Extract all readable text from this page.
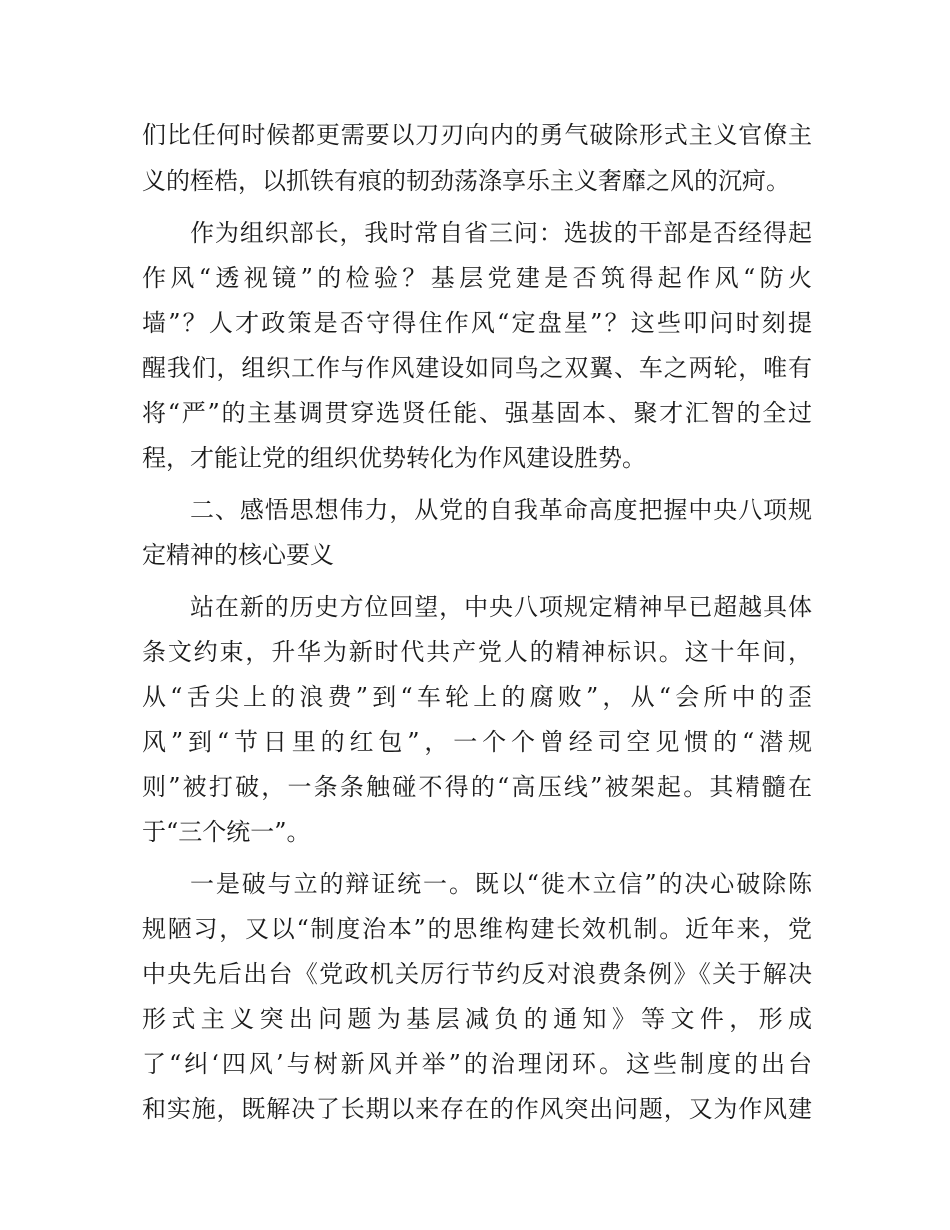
们比任何时候都更需要以刀刃向内的勇气破除形式主义官僚主
义的桎梏，以抓铁有痕的韧劲荡涤享乐主义奢靡之风的沉疴。
作为组织部长，我时常自省三问：选拔的干部是否经得起
作风“透视镜”的检验？基层党建是否筑得起作风“防火
墙”？人才政策是否守得住作风“定盘星”？这些叩问时刻提
醒我们，组织工作与作风建设如同鸟之双翼、车之两轮，唯有
将“严”的主基调贯穿选贤任能、强基固本、聚才汇智的全过
程，才能让党的组织优势转化为作风建设胜势。
二、感悟思想伟力，从党的自我革命高度把握中央八项规
定精神的核心要义
站在新的历史方位回望，中央八项规定精神早已超越具体
条文约束，升华为新时代共产党人的精神标识。这十年间，
从“舌尖上的浪费”到“车轮上的腐败”，从“会所中的歪
风”到“节日里的红包”，一个个曾经司空见惯的“潜规
则”被打破，一条条触碰不得的“高压线”被架起。其精髓在
于“三个统一”。
一是破与立的辩证统一。既以“徙木立信”的决心破除陈
规陋习，又以“制度治本”的思维构建长效机制。近年来，党
中央先后出台《党政机关厉行节约反对浪费条例》《关于解决
形式主义突出问题为基层减负的通知》等文件，形成
了“纠‘四风’与树新风并举”的治理闭环。这些制度的出台
和实施，既解决了长期以来存在的作风突出问题，又为作风建
